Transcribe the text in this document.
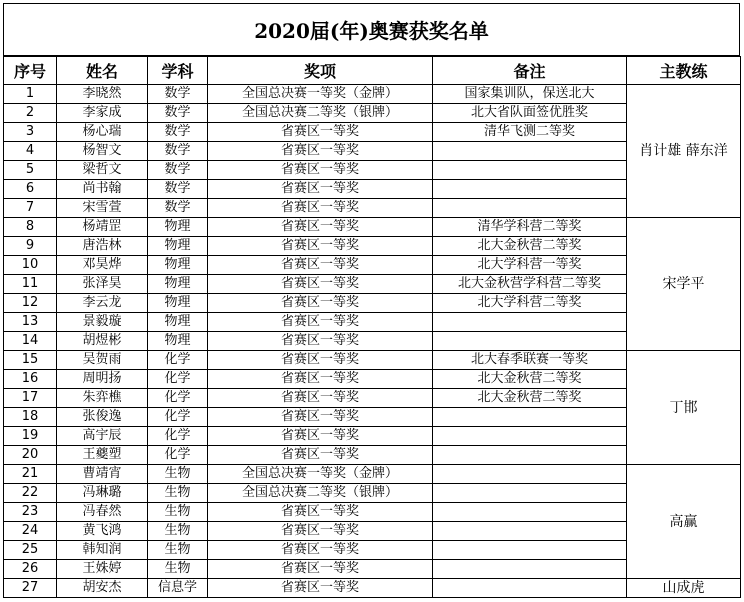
2020届(年)奥赛获奖名单
序号	姓名	学科	奖项	备注	主教练
1	李晓然	数学	全国总决赛一等奖（金牌）	国家集训队，保送北大	肖计雄 薛东洋
2	李家成	数学	全国总决赛二等奖（银牌）	北大省队面签优胜奖	
3	杨心瑞	数学	省赛区一等奖	清华飞测二等奖	
4	杨智文	数学	省赛区一等奖		
5	梁哲文	数学	省赛区一等奖		
6	尚书翰	数学	省赛区一等奖		
7	宋雪萱	数学	省赛区一等奖		
8	杨靖罡	物理	省赛区一等奖	清华学科营二等奖	宋学平
9	唐浩林	物理	省赛区一等奖	北大金秋营二等奖	
10	邓昊烨	物理	省赛区一等奖	北大学科营一等奖	
11	张泽昊	物理	省赛区一等奖	北大金秋营学科营二等奖	
12	李云龙	物理	省赛区一等奖	北大学科营二等奖	
13	景毅璇	物理	省赛区一等奖		
14	胡煜彬	物理	省赛区一等奖		
15	吴贺雨	化学	省赛区一等奖	北大春季联赛一等奖	丁邯
16	周明扬	化学	省赛区一等奖	北大金秋营二等奖	
17	朱弈樵	化学	省赛区一等奖	北大金秋营二等奖	
18	张俊逸	化学	省赛区一等奖		
19	高宇辰	化学	省赛区一等奖		
20	王夔塑	化学	省赛区一等奖		
21	曹靖宵	生物	全国总决赛一等奖（金牌）		高赢
22	冯琳璐	生物	全国总决赛二等奖（银牌）		
23	冯春然	生物	省赛区一等奖		
24	黄飞鸿	生物	省赛区一等奖		
25	韩知润	生物	省赛区一等奖		
26	王姝婷	生物	省赛区一等奖		
27	胡安杰	信息学	省赛区一等奖		山成虎
